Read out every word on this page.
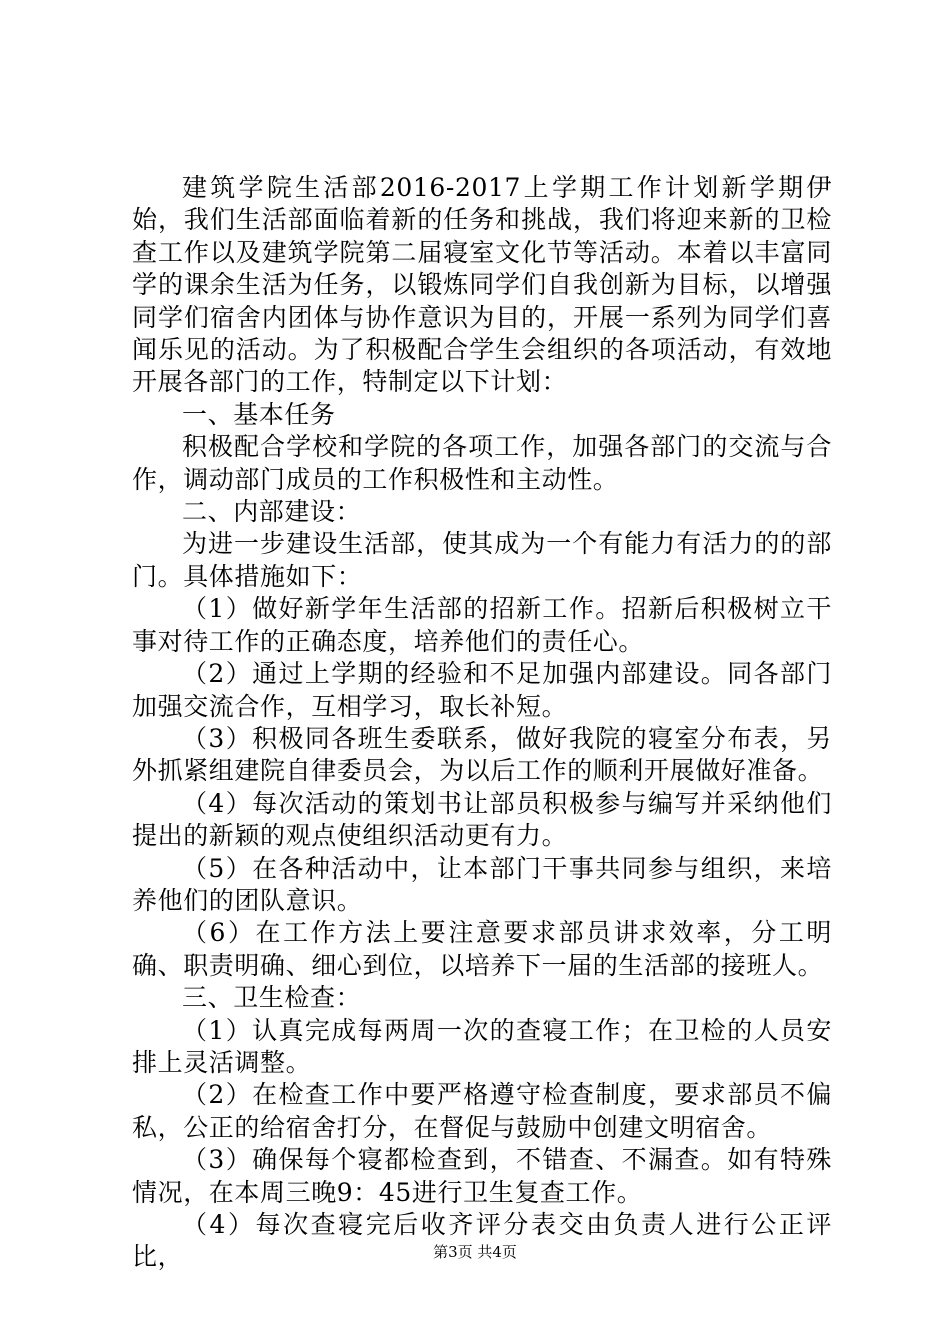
建筑学院生活部2016-2017上学期工作计划新学期伊始，我们生活部面临着新的任务和挑战，我们将迎来新的卫检查工作以及建筑学院第二届寝室文化节等活动。本着以丰富同学的课余生活为任务，以锻炼同学们自我创新为目标，以增强同学们宿舍内团体与协作意识为目的，开展一系列为同学们喜闻乐见的活动。为了积极配合学生会组织的各项活动，有效地开展各部门的工作，特制定以下计划：

一、基本任务

积极配合学校和学院的各项工作，加强各部门的交流与合作，调动部门成员的工作积极性和主动性。

二、内部建设：

为进一步建设生活部，使其成为一个有能力有活力的的部门。具体措施如下：

（1）做好新学年生活部的招新工作。招新后积极树立干事对待工作的正确态度，培养他们的责任心。

（2）通过上学期的经验和不足加强内部建设。同各部门加强交流合作，互相学习，取长补短。

（3）积极同各班生委联系，做好我院的寝室分布表，另外抓紧组建院自律委员会，为以后工作的顺利开展做好准备。

（4）每次活动的策划书让部员积极参与编写并采纳他们提出的新颖的观点使组织活动更有力。

（5）在各种活动中，让本部门干事共同参与组织，来培养他们的团队意识。

（6）在工作方法上要注意要求部员讲求效率，分工明确、职责明确、细心到位，以培养下一届的生活部的接班人。

三、卫生检查：

（1）认真完成每两周一次的查寝工作；在卫检的人员安排上灵活调整。

（2）在检查工作中要严格遵守检查制度，要求部员不偏私，公正的给宿舍打分，在督促与鼓励中创建文明宿舍。

（3）确保每个寝都检查到，不错查、不漏查。如有特殊情况，在本周三晚9：45进行卫生复查工作。

（4）每次查寝完后收齐评分表交由负责人进行公正评比，	第3页 共4页
